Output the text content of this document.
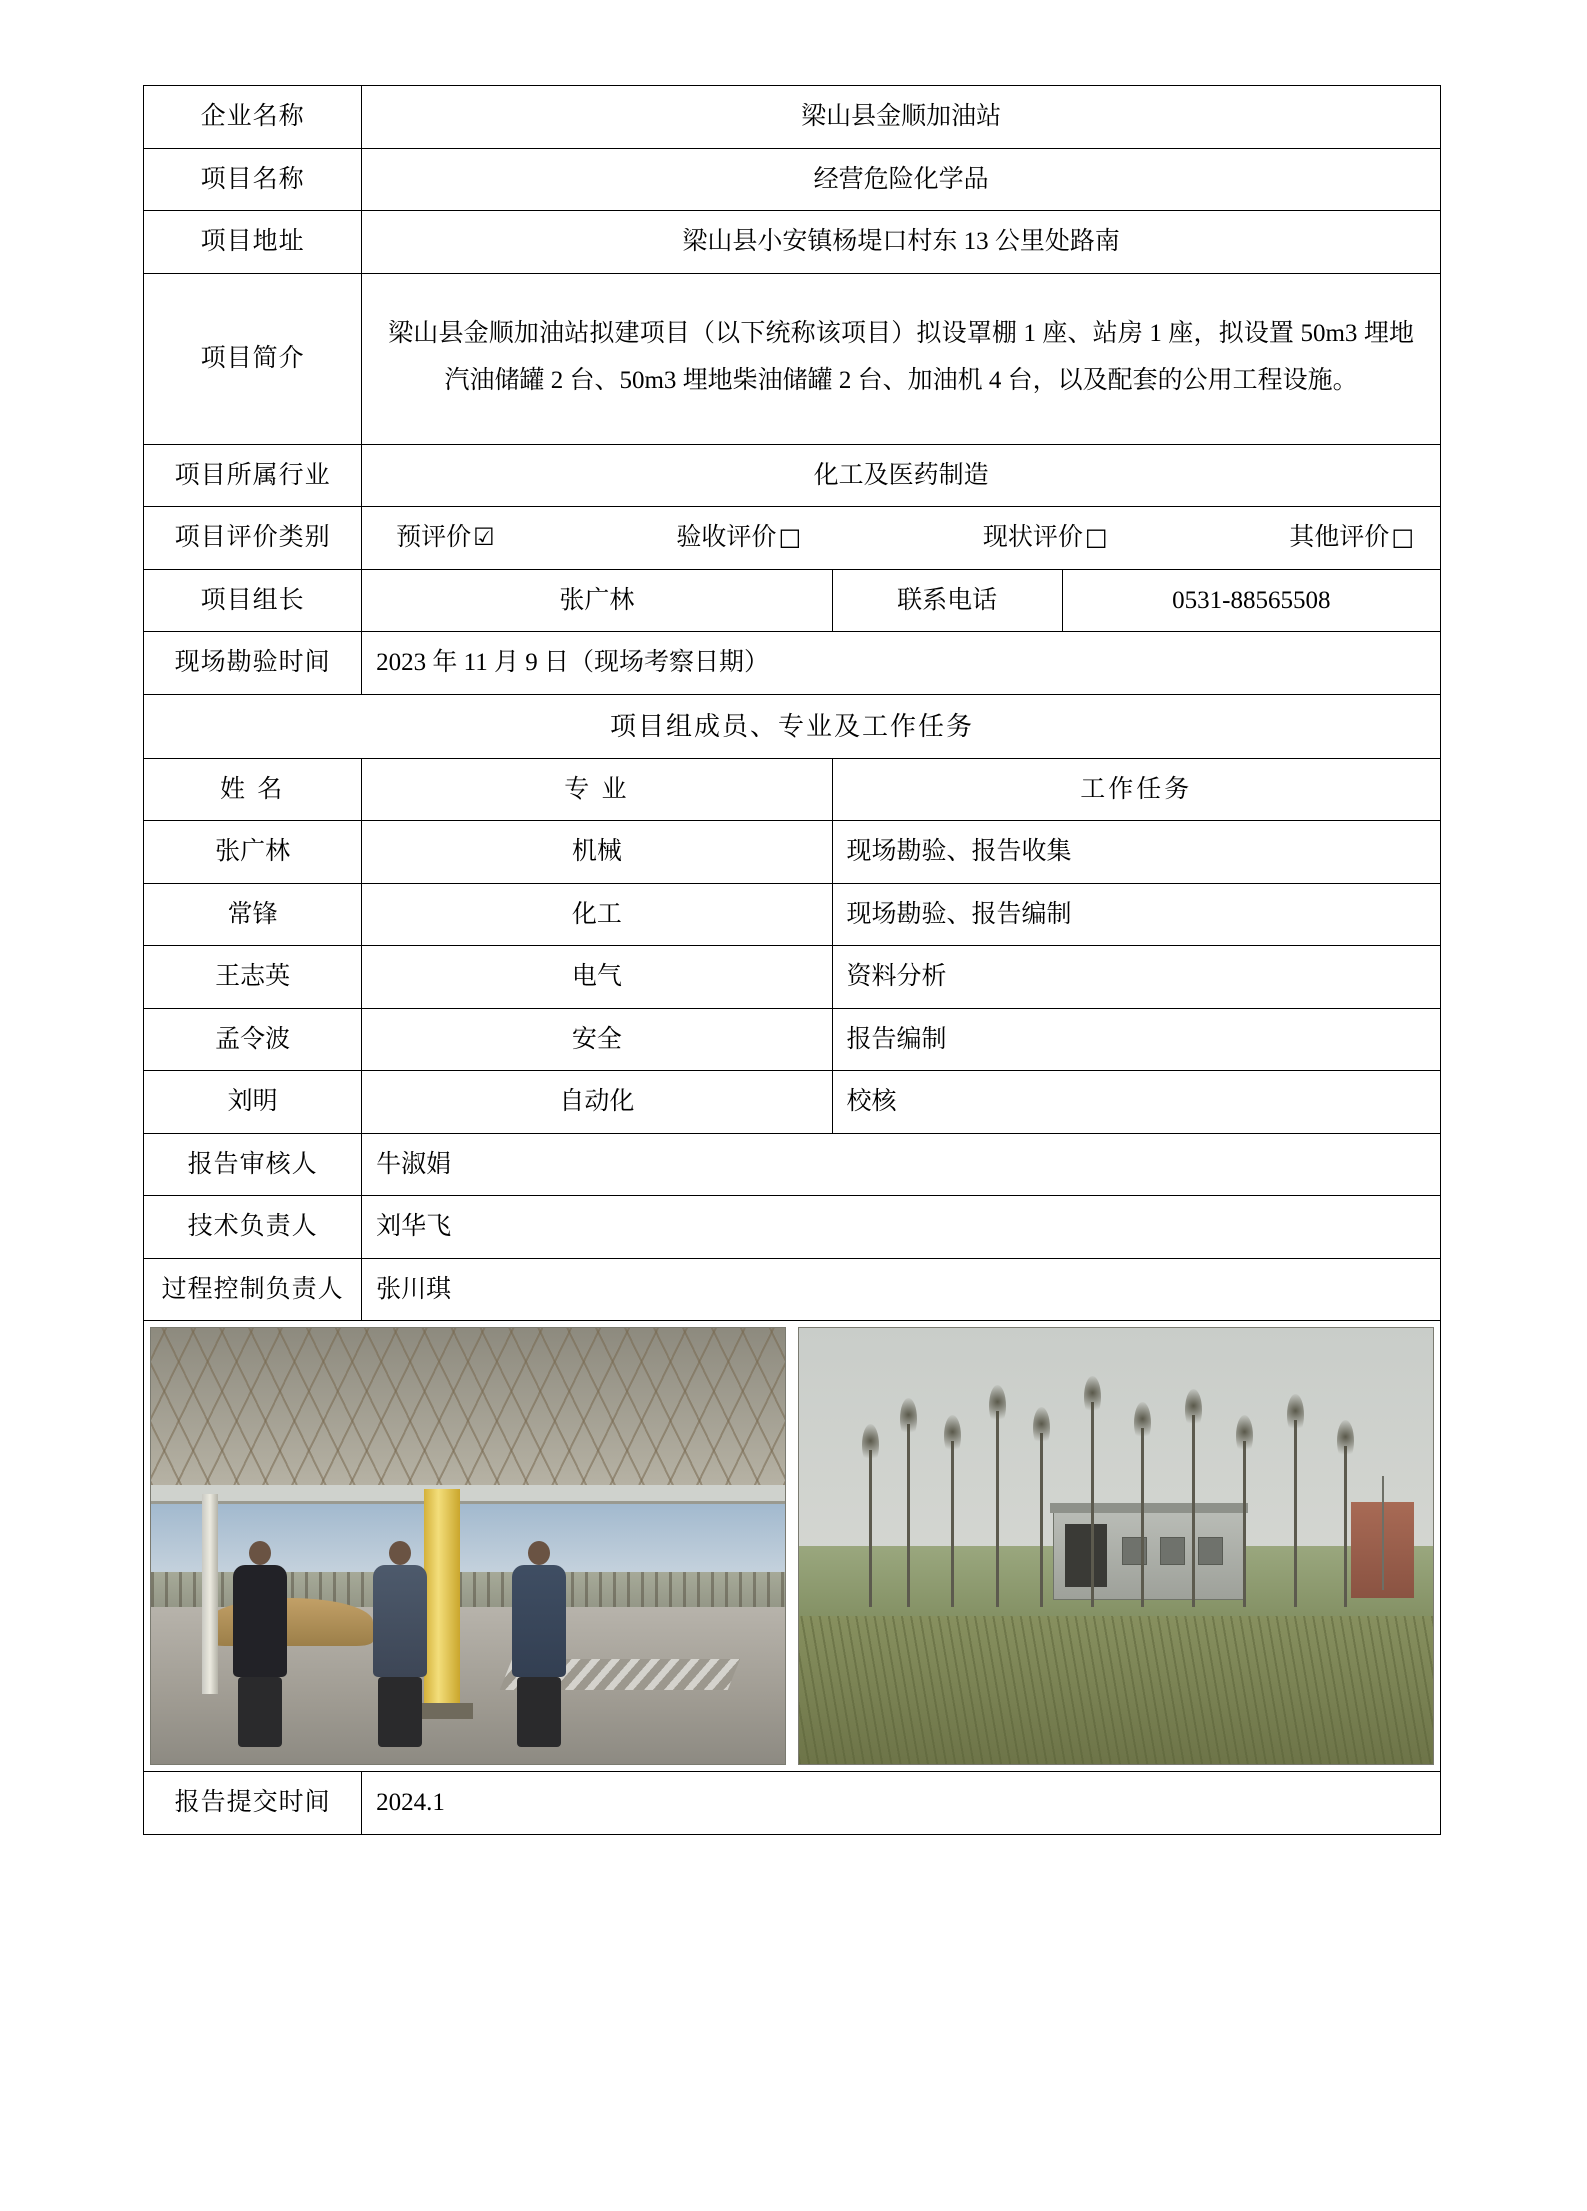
企业名称	梁山县金顺加油站		

项目名称	经营危险化学品		

项目地址	梁山县小安镇杨堤口村东 13 公里处路南		

项目简介	梁山县金顺加油站拟建项目（以下统称该项目）拟设罩棚 1 座、站房 1 座，拟设置 50m3 埋地汽油储罐 2 台、50m3 埋地柴油储罐 2 台、加油机 4 台，以及配套的公用工程设施。		

项目所属行业	化工及医药制造		

项目评价类别	预评价☑ 验收评价□ 现状评价□ 其他评价□		

项目组长	张广林	联系电话	0531-88565508

现场勘验时间	2023 年 11 月 9 日（现场考察日期）		

项目组成员、专业及工作任务			

姓 名	专 业	工作任务	

张广林	机械	现场勘验、报告收集	

常锋	化工	现场勘验、报告编制	

王志英	电气	资料分析	

孟令波	安全	报告编制	

刘明	自动化	校核	

报告审核人	牛淑娟		

技术负责人	刘华飞		

过程控制负责人	张川琪		

报告提交时间	2024.1		
